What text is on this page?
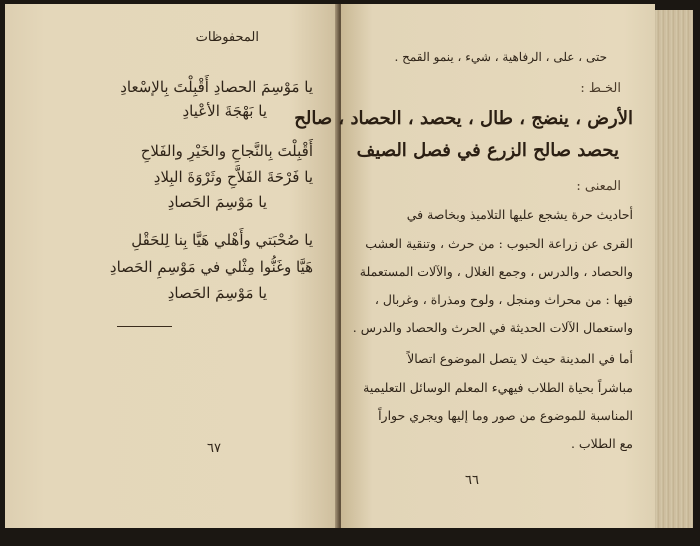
المحفوظات
يا مَوْسِمَ الحصادِ أَقْبِلْتَ بِالإسْعادِ
يا بَهْجَةَ الأعْيادِ
أَقْبِلْتَ بِالنَّجاحِ والخَيْرِ والفَلاحِ
يا فَرْحَةَ الفَلاَّحِ وثَرْوَةَ البِلادِ
يا مَوْسِمَ الحَصادِ
يا صُحْبَتي وأَهْلي هَيَّا بِنا لِلحَقْلِ
هَيَّا وغَنُّوا مِثْلي في مَوْسِمِ الحَصادِ
يا مَوْسِمَ الحَصادِ
٦٧
حتى ، على ، الرفاهية ، شيء ، ينمو القمح .
الخـط :
الأرض ، ينضج ، طال ، يحصد ، الحصاد ، صالح
يحصد صالح الزرع في فصل الصيف
المعنى :
أحاديث حرة يشجع عليها التلاميذ وبخاصة في
القرى عن زراعة الحبوب : من حرث ، وتنقية العشب
والحصاد ، والدرس ، وجمع الغلال ، والآلات المستعملة
فيها : من محراث ومنجل ، ولوح ومذراة ، وغربال ،
واستعمال الآلات الحديثة في الحرث والحصاد والدرس .
أما في المدينة حيث لا يتصل الموضوع اتصالاً
مباشراً بحياة الطلاب فيهيء المعلم الوسائل التعليمية
المناسبة للموضوع من صور وما إليها ويجري حواراً
مع الطلاب .
٦٦
